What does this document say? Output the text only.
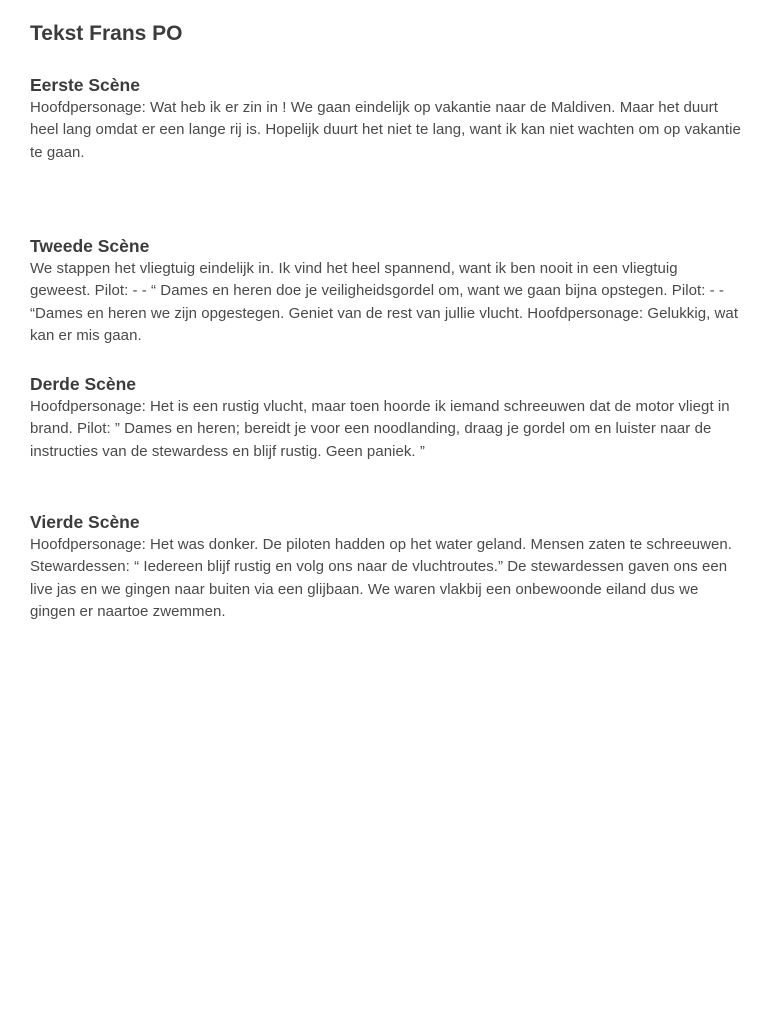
Tekst Frans PO
Eerste Scène

Hoofdpersonage: Wat heb ik er zin in ! We gaan eindelijk op vakantie naar de Maldiven. Maar het duurt heel lang omdat er een lange rij is. Hopelijk duurt het niet te lang, want ik kan niet wachten om op vakantie te gaan.

Tweede Scène

We stappen het vliegtuig eindelijk in. Ik vind het heel spannend, want ik ben nooit in een vliegtuig geweest. Pilot: - - “ Dames en heren doe je veiligheidsgordel om, want we gaan bijna opstegen. Pilot: - - “Dames en heren we zijn opgestegen. Geniet van de rest van jullie vlucht. Hoofdpersonage: Gelukkig, wat kan er mis gaan.

Derde Scène

Hoofdpersonage: Het is een rustig vlucht, maar toen hoorde ik iemand schreeuwen dat de motor vliegt in brand. Pilot: ” Dames en heren; bereidt je voor een noodlanding, draag je gordel om en luister naar de instructies van de stewardess en blijf rustig. Geen paniek. ”

Vierde Scène

Hoofdpersonage: Het was donker. De piloten hadden op het water geland. Mensen zaten te schreeuwen. Stewardessen: “ Iedereen blijf rustig en volg ons naar de vluchtroutes.” De stewardessen gaven ons een live jas en we gingen naar buiten via een glijbaan. We waren vlakbij een onbewoonde eiland dus we gingen er naartoe zwemmen.
